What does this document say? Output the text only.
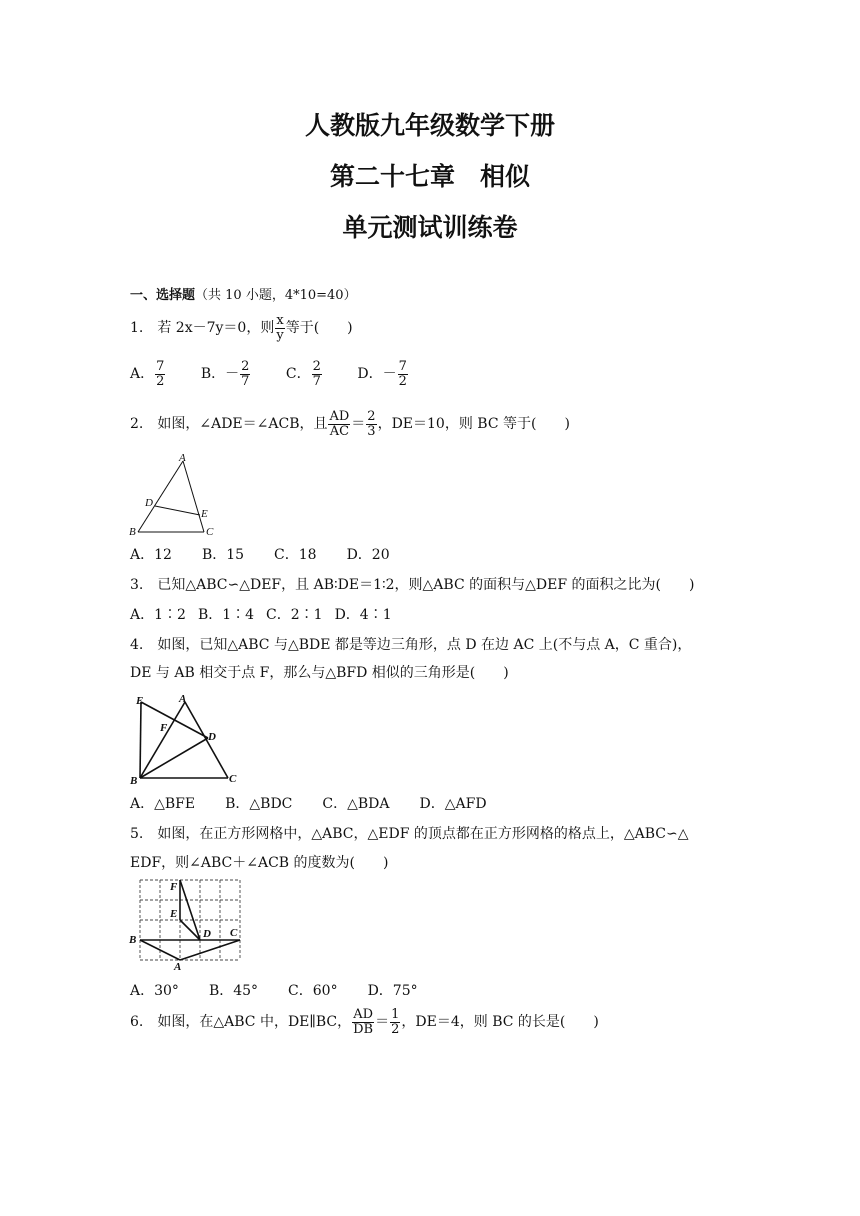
人教版九年级数学下册
第二十七章　相似
单元测试训练卷
一、选择题（共 10 小题，4*10=40）
1.　若 2x－7y＝0，则 $\frac{x}{y}$ 等于(　　)
A． $\frac{7}{2}$	B．－ $\frac{2}{7}$	C． $\frac{2}{7}$	D．－ $\frac{7}{2}$
2.　如图，∠ADE＝∠ACB，且 $\frac{AD}{AC} = \frac{2}{3}$ ，DE＝10，则 BC 等于(　　)
A
D
E
B	C
A．12 B．15 C．18 D．20
3.　已知△ABC∽△DEF，且 AB∶DE＝1∶2，则△ABC 的面积与△DEF 的面积之比为(　　)
A．1∶2 B．1∶4 C．2∶1 D．4∶1
4.　如图，已知△ABC 与△BDE 都是等边三角形，点 D 在边 AC 上(不与点 A，C 重合)，
DE 与 AB 相交于点 F，那么与△BFD 相似的三角形是(　　)
E	A
F
D
B	C
A．△BFE B．△BDC C．△BDA D．△AFD
5.　如图，在正方形网格中，△ABC，△EDF 的顶点都在正方形网格的格点上，△ABC∽△
EDF，则∠ABC＋∠ACB 的度数为(　　)
F
E
D C
B
A
A．30° B．45° C．60° D．75°
6.　如图，在△ABC 中，DE∥BC， $\frac{AD}{DB} = \frac{1}{2}$ ，DE＝4，则 BC 的长是(　　)
